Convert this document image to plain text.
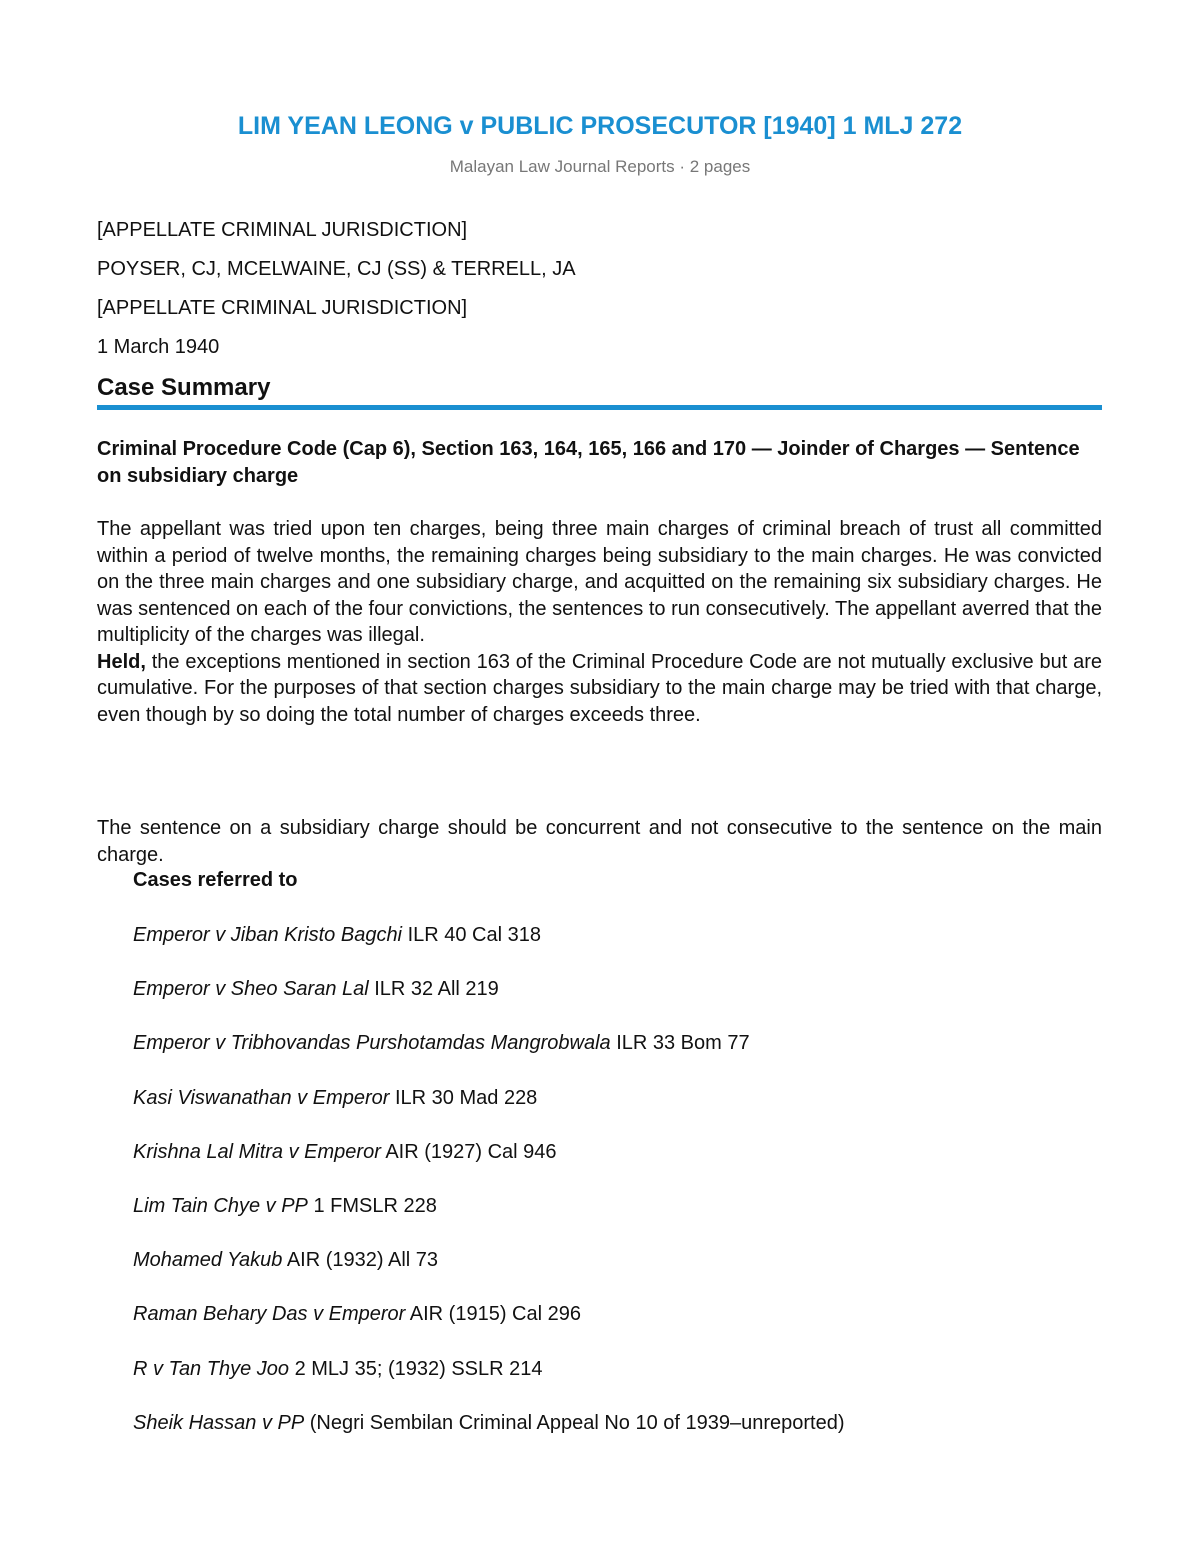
LIM YEAN LEONG v PUBLIC PROSECUTOR [1940] 1 MLJ 272
Malayan Law Journal Reports · 2 pages
[APPELLATE CRIMINAL JURISDICTION]
POYSER, CJ, MCELWAINE, CJ (SS) & TERRELL, JA
[APPELLATE CRIMINAL JURISDICTION]
1 March 1940
Case Summary
Criminal Procedure Code (Cap 6), Section 163, 164, 165, 166 and 170 — Joinder of Charges — Sentence on subsidiary charge
The appellant was tried upon ten charges, being three main charges of criminal breach of trust all committed within a period of twelve months, the remaining charges being subsidiary to the main charges. He was convicted on the three main charges and one subsidiary charge, and acquitted on the remaining six subsidiary charges. He was sentenced on each of the four convictions, the sentences to run consecutively. The appellant averred that the multiplicity of the charges was illegal.
Held, the exceptions mentioned in section 163 of the Criminal Procedure Code are not mutually exclusive but are cumulative. For the purposes of that section charges subsidiary to the main charge may be tried with that charge, even though by so doing the total number of charges exceeds three.
The sentence on a subsidiary charge should be concurrent and not consecutive to the sentence on the main charge.
Cases referred to
Emperor v Jiban Kristo Bagchi ILR 40 Cal 318
Emperor v Sheo Saran Lal ILR 32 All 219
Emperor v Tribhovandas Purshotamdas Mangrobwala ILR 33 Bom 77
Kasi Viswanathan v Emperor ILR 30 Mad 228
Krishna Lal Mitra v Emperor AIR (1927) Cal 946
Lim Tain Chye v PP 1 FMSLR 228
Mohamed Yakub AIR (1932) All 73
Raman Behary Das v Emperor AIR (1915) Cal 296
R v Tan Thye Joo 2 MLJ 35; (1932) SSLR 214
Sheik Hassan v PP (Negri Sembilan Criminal Appeal No 10 of 1939–unreported)
